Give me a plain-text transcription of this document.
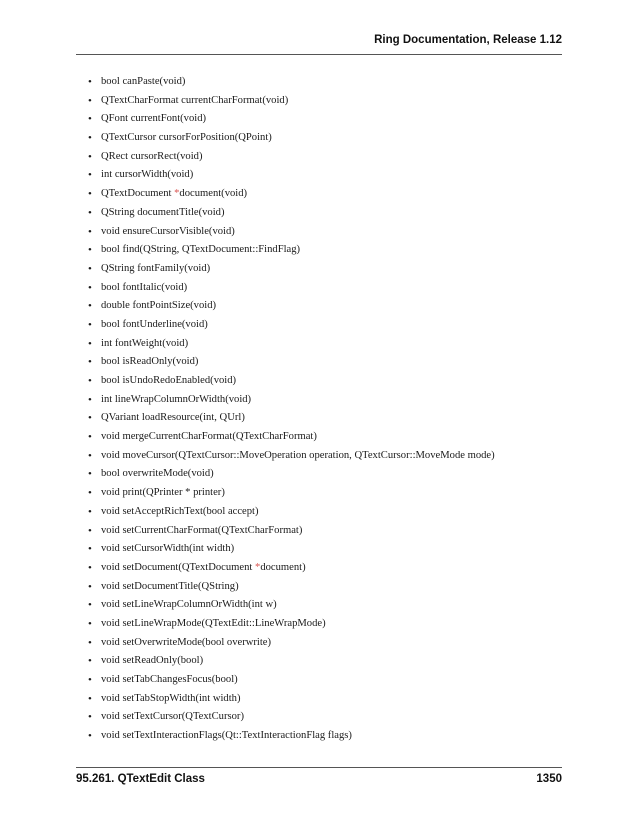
Ring Documentation, Release 1.12
• bool canPaste(void)
• QTextCharFormat currentCharFormat(void)
• QFont currentFont(void)
• QTextCursor cursorForPosition(QPoint)
• QRect cursorRect(void)
• int cursorWidth(void)
• QTextDocument *document(void)
• QString documentTitle(void)
• void ensureCursorVisible(void)
• bool find(QString, QTextDocument::FindFlag)
• QString fontFamily(void)
• bool fontItalic(void)
• double fontPointSize(void)
• bool fontUnderline(void)
• int fontWeight(void)
• bool isReadOnly(void)
• bool isUndoRedoEnabled(void)
• int lineWrapColumnOrWidth(void)
• QVariant loadResource(int, QUrl)
• void mergeCurrentCharFormat(QTextCharFormat)
• void moveCursor(QTextCursor::MoveOperation operation, QTextCursor::MoveMode mode)
• bool overwriteMode(void)
• void print(QPrinter * printer)
• void setAcceptRichText(bool accept)
• void setCurrentCharFormat(QTextCharFormat)
• void setCursorWidth(int width)
• void setDocument(QTextDocument *document)
• void setDocumentTitle(QString)
• void setLineWrapColumnOrWidth(int w)
• void setLineWrapMode(QTextEdit::LineWrapMode)
• void setOverwriteMode(bool overwrite)
• void setReadOnly(bool)
• void setTabChangesFocus(bool)
• void setTabStopWidth(int width)
• void setTextCursor(QTextCursor)
• void setTextInteractionFlags(Qt::TextInteractionFlag flags)
95.261. QTextEdit Class	1350
